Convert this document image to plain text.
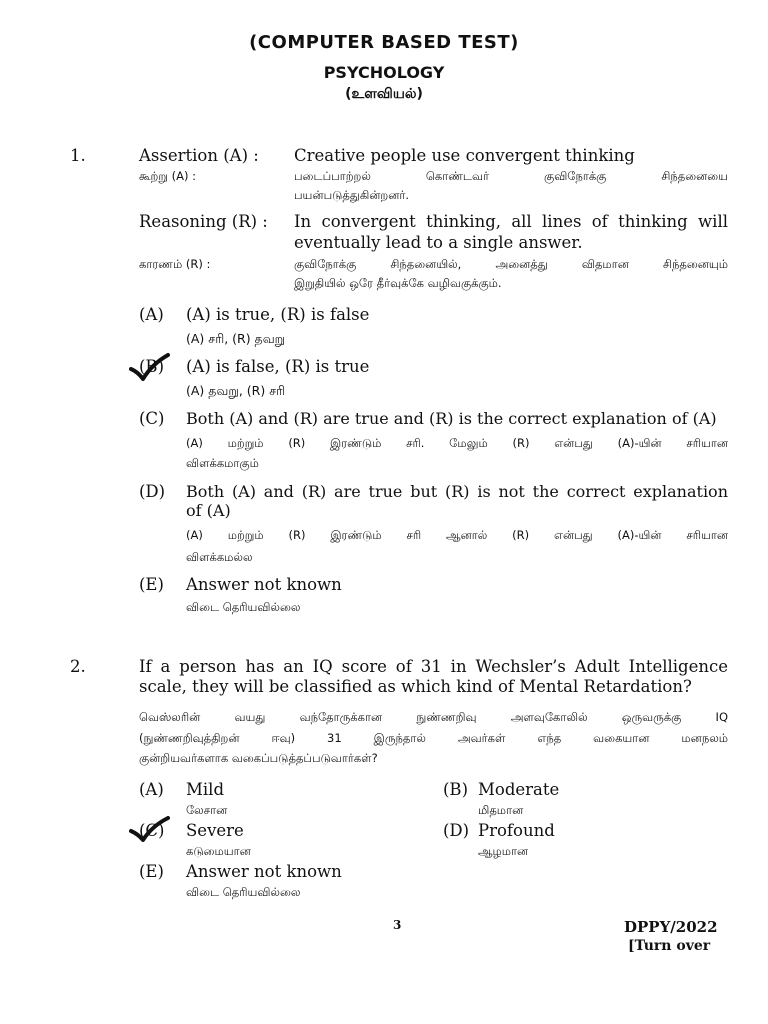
(COMPUTER BASED TEST)
PSYCHOLOGY
(உளவியல்)
1.	Assertion (A) :
கூற்று (A) :
Creative people use convergent thinking
படைப்பாற்றல் கொண்டவர் குவிநோக்கு சிந்தனையை
பயன்படுத்துகின்றனர்.
Reasoning (R) : In convergent thinking, all lines of thinking will
eventually lead to a single answer.
காரணம் (R) :	குவிநோக்கு சிந்தனையில், அனைத்து விதமான சிந்தனையும்
இறுதியில் ஒரே தீர்வுக்கே வழிவகுக்கும்.
(A) (A) is true, (R) is false
(A) சரி, (R) தவறு
(B) (A) is false, (R) is true
(A) தவறு, (R) சரி
(C) Both (A) and (R) are true and (R) is the correct explanation of (A)
(A) மற்றும் (R) இரண்டும் சரி. மேலும் (R) என்பது (A)-யின் சரியான
விளக்கமாகும்
(D) Both (A) and (R) are true but (R) is not the correct explanation
of (A)
(A) மற்றும் (R) இரண்டும் சரி ஆனால் (R) என்பது (A)-யின் சரியான
விளக்கமல்ல
(E) Answer not known
விடை தெரியவில்லை
2.	If a person has an IQ score of 31 in Wechsler’s Adult Intelligence
scale, they will be classified as which kind of Mental Retardation?
வெஸ்லரின் வயது வந்தோருக்கான நுண்ணறிவு அளவுகோலில் ஒருவருக்கு IQ
(நுண்ணறிவுத்திறன் ஈவு) 31 இருந்தால் அவர்கள் எந்த வகையான மனநலம்
குன்றியவர்களாக வகைப்படுத்தப்படுவார்கள்?
(A) Mild
லேசான
(B) Moderate
மிதமான
(C) Severe
கடுமையான
(D) Profound
ஆழமான
(E) Answer not known
விடை தெரியவில்லை
3	DPPY/2022
[Turn over
